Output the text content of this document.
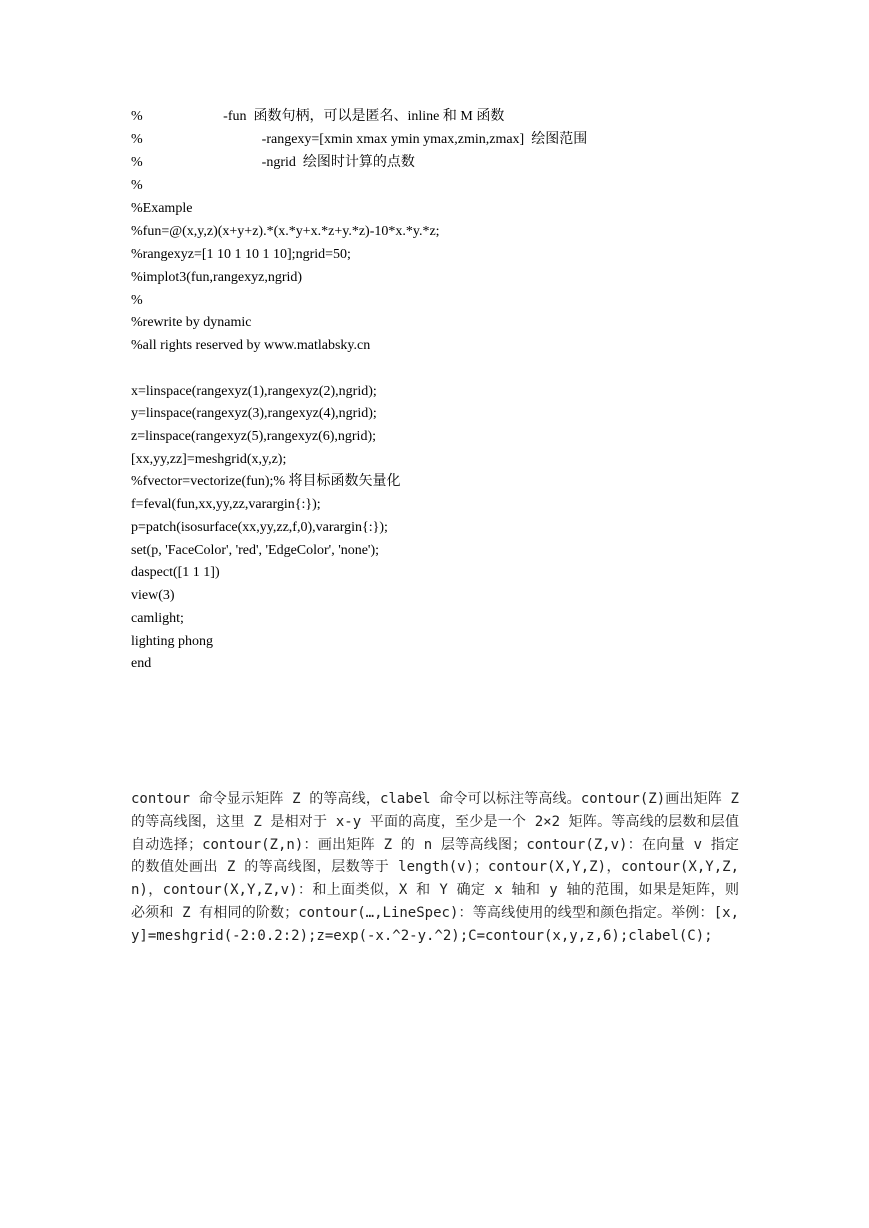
%                       -fun  函数句柄，可以是匿名、inline 和 M 函数
%                                  -rangexy=[xmin xmax ymin ymax,zmin,zmax]  绘图范围
%                                  -ngrid  绘图时计算的点数
%
%Example
%fun=@(x,y,z)(x+y+z).*(x.*y+x.*z+y.*z)-10*x.*y.*z;
%rangexyz=[1 10 1 10 1 10];ngrid=50;
%implot3(fun,rangexyz,ngrid)
%
%rewrite by dynamic
%all rights reserved by www.matlabsky.cn
x=linspace(rangexyz(1),rangexyz(2),ngrid);
y=linspace(rangexyz(3),rangexyz(4),ngrid);
z=linspace(rangexyz(5),rangexyz(6),ngrid);
[xx,yy,zz]=meshgrid(x,y,z);
%fvector=vectorize(fun);% 将目标函数矢量化
f=feval(fun,xx,yy,zz,varargin{:});
p=patch(isosurface(xx,yy,zz,f,0),varargin{:});
set(p, 'FaceColor', 'red', 'EdgeColor', 'none');
daspect([1 1 1])
view(3)
camlight;
lighting phong
end
contour 命令显示矩阵 Z 的等高线，clabel 命令可以标注等高线。contour(Z)画出矩阵 Z 的等高线图，这里 Z 是相对于 x-y 平面的高度，至少是一个 2×2 矩阵。等高线的层数和层值自动选择；contour(Z,n)：画出矩阵 Z 的 n 层等高线图；contour(Z,v)：在向量 v 指定的数值处画出 Z 的等高线图，层数等于 length(v)；contour(X,Y,Z)，contour(X,Y,Z,n)，contour(X,Y,Z,v)：和上面类似，X 和 Y 确定 x 轴和 y 轴的范围，如果是矩阵，则必须和 Z 有相同的阶数；contour(…,LineSpec)：等高线使用的线型和颜色指定。举例：[x,y]=meshgrid(-2:0.2:2);z=exp(-x.^2-y.^2);C=contour(x,y,z,6);clabel(C);
